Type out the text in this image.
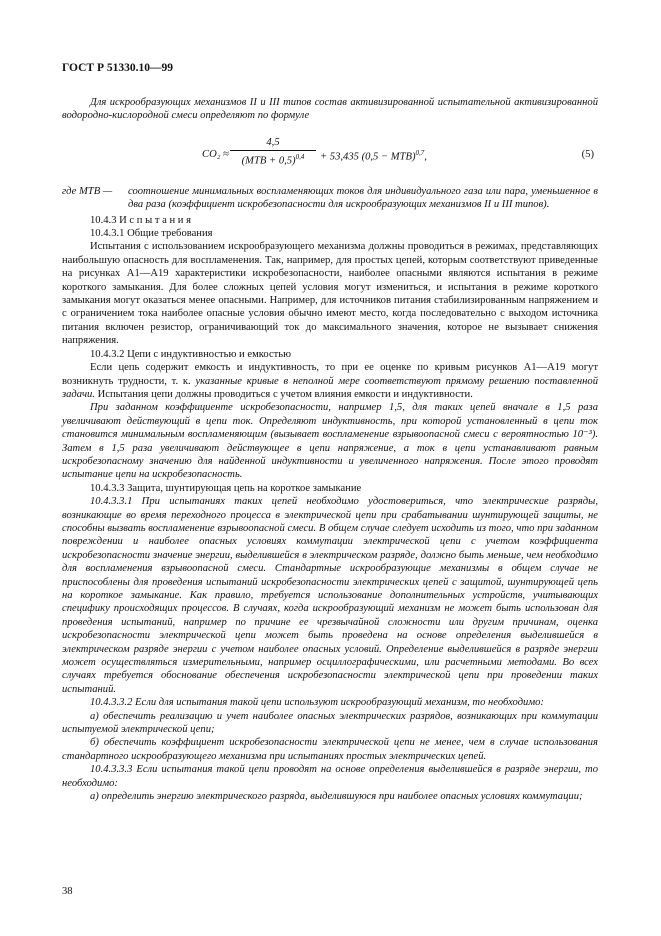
ГОСТ Р 51330.10—99

Для искрообразующих механизмов II и III типов состав активизированной испытательной активизированной водородно-кислородной смеси определяют по формуле

CO₂ ≈
4,5
(MTB + 0,5)$^{0,4}$	+ 53,435 (0,5 − MTB)$^{0,7}$,	(5)
где MTB —	соотношение минимальных воспламеняющих токов для индивидуального газа или пара, уменьшенное в два раза (коэффициент искробезопасности для искрообразующих механизмов II и III типов).

10.4.3 И с п ы т а н и я

10.4.3.1 Общие требования

Испытания с использованием искрообразующего механизма должны проводиться в режимах, представляющих наибольшую опасность для воспламенения. Так, например, для простых цепей, которым соответствуют приведенные на рисунках А1—А19 характеристики искробезопасности, наиболее опасными являются испытания в режиме короткого замыкания. Для более сложных цепей условия могут измениться, и испытания в режиме короткого замыкания могут оказаться менее опасными. Например, для источников питания стабилизированным напряжением и с ограничением тока наиболее опасные условия обычно имеют место, когда последовательно с выходом источника питания включен резистор, ограничивающий ток до максимального значения, которое не вызывает снижения напряжения.

10.4.3.2 Цепи с индуктивностью и емкостью

Если цепь содержит емкость и индуктивность, то при ее оценке по кривым рисунков А1—А19 могут возникнуть трудности, т. к. указанные кривые в неполной мере соответствуют прямому решению поставленной задачи. Испытания цепи должны проводиться с учетом влияния емкости и индуктивности.

При заданном коэффициенте искробезопасности, например 1,5, для таких цепей вначале в 1,5 раза увеличивают действующий в цепи ток. Определяют индуктивность, при которой установленный в цепи ток становится минимальным воспламеняющим (вызывает воспламенение взрывоопасной смеси с вероятностью 10⁻³). Затем в 1,5 раза увеличивают действующее в цепи напряжение, а ток в цепи устанавливают равным искробезопасному значению для найденной индуктивности и увеличенного напряжения. После этого проводят испытание цепи на искробезопасность.

10.4.3.3 Защита, шунтирующая цепь на короткое замыкание

10.4.3.3.1 При испытаниях таких цепей необходимо удостовериться, что электрические разряды, возникающие во время переходного процесса в электрической цепи при срабатывании шунтирующей защиты, не способны вызвать воспламенение взрывоопасной смеси. В общем случае следует исходить из того, что при заданном повреждении и наиболее опасных условиях коммутации электрической цепи с учетом коэффициента искробезопасности значение энергии, выделившейся в электрическом разряде, должно быть меньше, чем необходимо для воспламенения взрывоопасной смеси. Стандартные искрообразующие механизмы в общем случае не приспособлены для проведения испытаний искробезопасности электрических цепей с защитой, шунтирующей цепь на короткое замыкание. Как правило, требуется использование дополнительных устройств, учитывающих специфику происходящих процессов. В случаях, когда искрообразующий механизм не может быть использован для проведения испытаний, например по причине ее чрезвычайной сложности или другим причинам, оценка искробезопасности электрической цепи может быть проведена на основе определения выделившейся в электрическом разряде энергии с учетом наиболее опасных условий. Определение выделившейся в разряде энергии может осуществляться измерительными, например осциллографическими, или расчетными методами. Во всех случаях требуется обоснование обеспечения искробезопасности электрической цепи при проведении таких испытаний.

10.4.3.3.2 Если для испытания такой цепи используют искрообразующий механизм, то необходимо:

а) обеспечить реализацию и учет наиболее опасных электрических разрядов, возникающих при коммутации испытуемой электрической цепи;

б) обеспечить коэффициент искробезопасности электрической цепи не менее, чем в случае использования стандартного искрообразующего механизма при испытаниях простых электрических цепей.

10.4.3.3.3 Если испытания такой цепи проводят на основе определения выделившейся в разряде энергии, то необходимо:

а) определить энергию электрического разряда, выделившуюся при наиболее опасных условиях коммутации;

38
